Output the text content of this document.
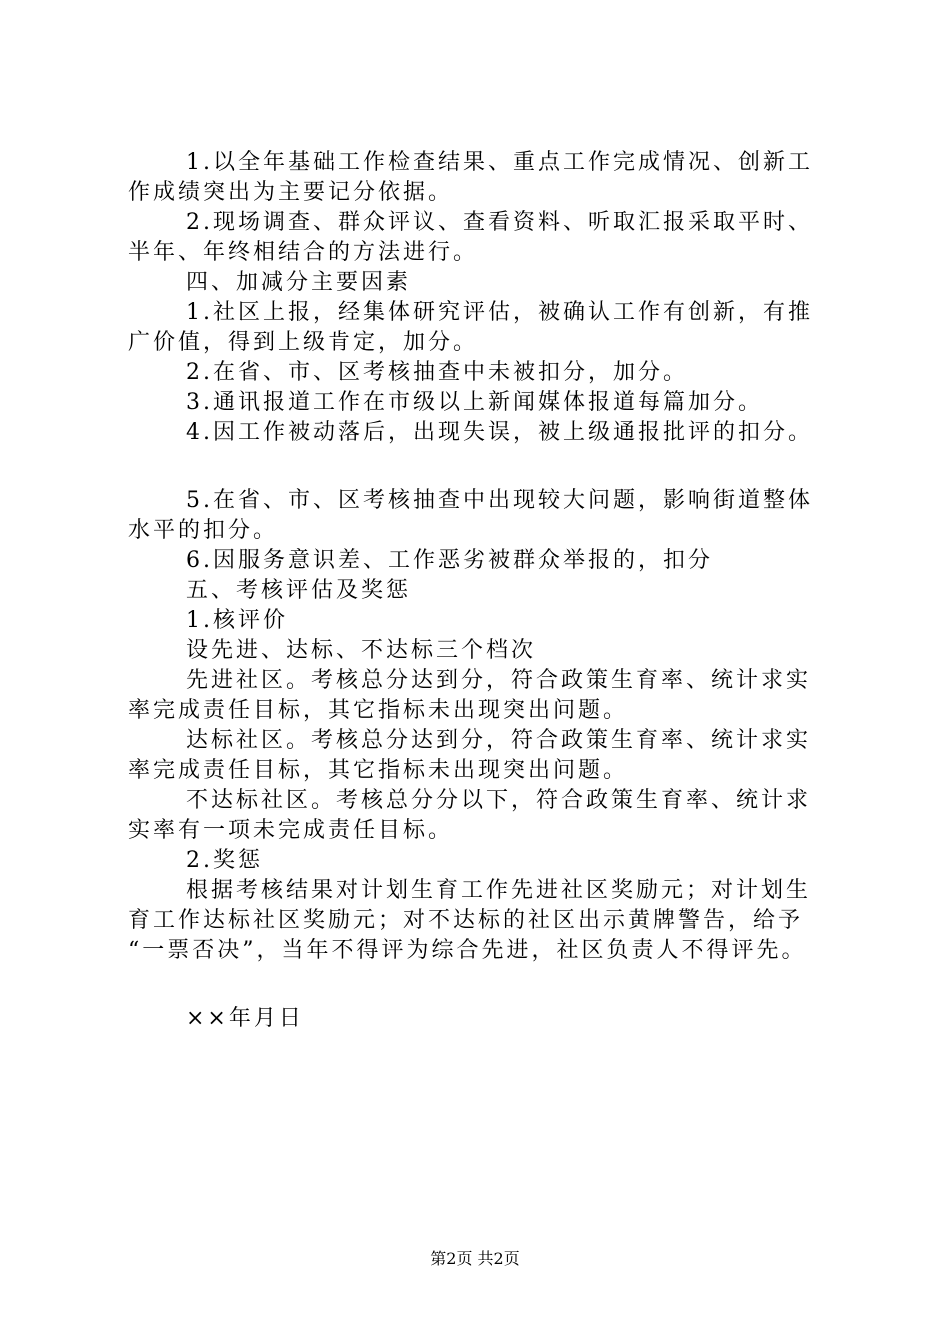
1.以全年基础工作检查结果、重点工作完成情况、创新工
作成绩突出为主要记分依据。

2.现场调查、群众评议、查看资料、听取汇报采取平时、
半年、年终相结合的方法进行。

四、加减分主要因素

1.社区上报，经集体研究评估，被确认工作有创新，有推
广价值，得到上级肯定，加分。

2.在省、市、区考核抽查中未被扣分，加分。

3.通讯报道工作在市级以上新闻媒体报道每篇加分。

4.因工作被动落后，出现失误，被上级通报批评的扣分。

5.在省、市、区考核抽查中出现较大问题，影响街道整体
水平的扣分。

6.因服务意识差、工作恶劣被群众举报的，扣分

五、考核评估及奖惩

1.核评价

设先进、达标、不达标三个档次

先进社区。考核总分达到分，符合政策生育率、统计求实
率完成责任目标，其它指标未出现突出问题。

达标社区。考核总分达到分，符合政策生育率、统计求实
率完成责任目标，其它指标未出现突出问题。

不达标社区。考核总分分以下，符合政策生育率、统计求
实率有一项未完成责任目标。

2.奖惩

根据考核结果对计划生育工作先进社区奖励元；对计划生
育工作达标社区奖励元；对不达标的社区出示黄牌警告，给予
“一票否决”，当年不得评为综合先进，社区负责人不得评先。

××年月日

第2页 共2页
